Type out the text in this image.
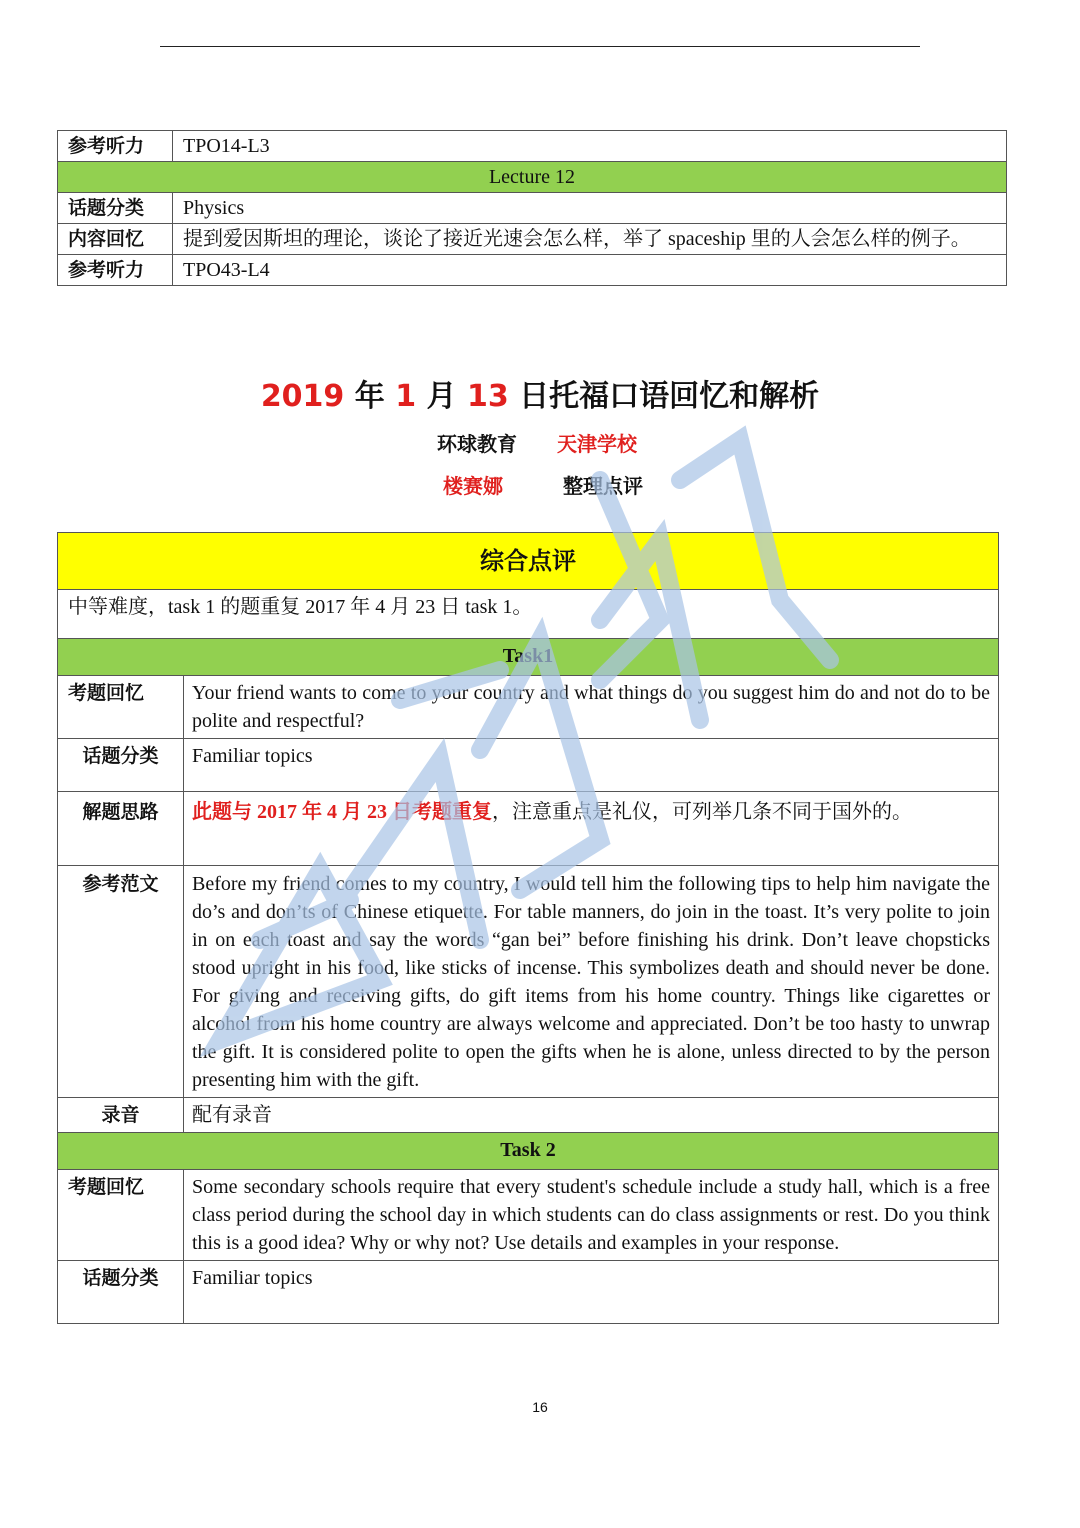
参考听力	TPO14-L3
Lecture 12	
话题分类	Physics
内容回忆	提到爱因斯坦的理论，谈论了接近光速会怎么样，举了 spaceship 里的人会怎么样的例子。
参考听力	TPO43-L4
2019 年 1 月 13 日托福口语回忆和解析
环球教育 天津学校
楼赛娜	整理点评
综合点评	
中等难度，task 1 的题重复 2017 年 4 月 23 日 task 1。	
Task1	
考题回忆	Your friend wants to come to your country and what things do you suggest him do and not do to be polite and respectful?
话题分类	Familiar topics
解题思路	此题与 2017 年 4 月 23 日考题重复，注意重点是礼仪，可列举几条不同于国外的。
参考范文	Before my friend comes to my country, I would tell him the following tips to help him navigate the do’s and don’ts of Chinese etiquette. For table manners, do join in the toast. It’s very polite to join in on each toast and say the words “gan bei” before finishing his drink. Don’t leave chopsticks stood upright in his food, like sticks of incense. This symbolizes death and should never be done. For giving and receiving gifts, do gift items from his home country. Things like cigarettes or alcohol from his home country are always welcome and appreciated. Don’t be too hasty to unwrap the gift. It is considered polite to open the gifts when he is alone, unless directed to by the person presenting him with the gift.
录音	配有录音
Task 2	
考题回忆	Some secondary schools require that every student's schedule include a study hall, which is a free class period during the school day in which students can do class assignments or rest. Do you think this is a good idea? Why or why not? Use details and examples in your response.
话题分类	Familiar topics
16
